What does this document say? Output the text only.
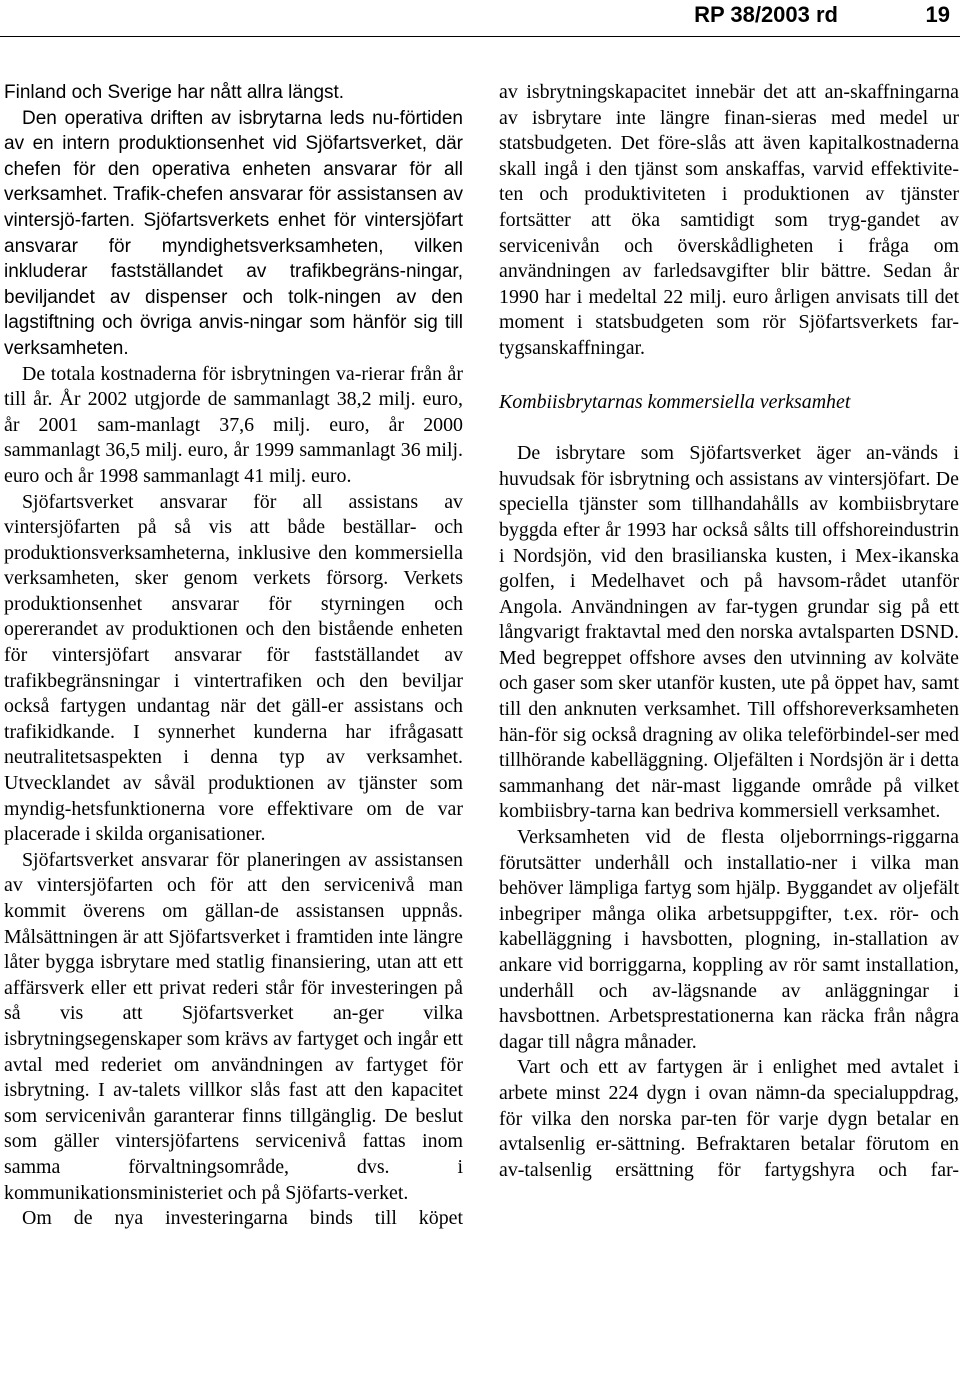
RP 38/2003 rd	19

Finland och Sverige har nått allra längst.

Den operativa driften av isbrytarna leds nu-förtiden av en intern produktionsenhet vid Sjöfartsverket, där chefen för den operativa enheten ansvarar för all verksamhet. Trafik-chefen ansvarar för assistansen av vintersjö-farten. Sjöfartsverkets enhet för vintersjöfart ansvarar för myndighetsverksamheten, vilken inkluderar fastställandet av trafikbegräns-ningar, beviljandet av dispenser och tolk-ningen av den lagstiftning och övriga anvis-ningar som hänför sig till verksamheten.

De totala kostnaderna för isbrytningen va-rierar från år till år. År 2002 utgjorde de sammanlagt 38,2 milj. euro, år 2001 sam-manlagt 37,6 milj. euro, år 2000 sammanlagt 36,5 milj. euro, år 1999 sammanlagt 36 milj. euro och år 1998 sammanlagt 41 milj. euro.

Sjöfartsverket ansvarar för all assistans av vintersjöfarten på så vis att både beställar- och produktionsverksamheterna, inklusive den kommersiella verksamheten, sker genom verkets försorg. Verkets produktionsenhet ansvarar för styrningen och opererandet av produktionen och den bistående enheten för vintersjöfart ansvarar för fastställandet av trafikbegränsningar i vintertrafiken och den beviljar också fartygen undantag när det gäll-er assistans och trafikidkande. I synnerhet kunderna har ifrågasatt neutralitetsaspekten i denna typ av verksamhet. Utvecklandet av såväl produktionen av tjänster som myndig-hetsfunktionerna vore effektivare om de var placerade i skilda organisationer.

Sjöfartsverket ansvarar för planeringen av assistansen av vintersjöfarten och för att den servicenivå man kommit överens om gällan-de assistansen uppnås. Målsättningen är att Sjöfartsverket i framtiden inte längre låter bygga isbrytare med statlig finansiering, utan att ett affärsverk eller ett privat rederi står för investeringen på så vis att Sjöfartsverket an-ger vilka isbrytningsegenskaper som krävs av fartyget och ingår ett avtal med rederiet om användningen av fartyget för isbrytning. I av-talets villkor slås fast att den kapacitet som servicenivån garanterar finns tillgänglig. De beslut som gäller vintersjöfartens servicenivå fattas inom samma förvaltningsområde, dvs. i kommunikationsministeriet och på Sjöfarts-verket.

Om de nya investeringarna binds till köpet

av isbrytningskapacitet innebär det att an-skaffningarna av isbrytare inte längre finan-sieras med medel ur statsbudgeten. Det före-slås att även kapitalkostnaderna skall ingå i den tjänst som anskaffas, varvid effektivite-ten och produktiviteten i produktionen av tjänster fortsätter att öka samtidigt som tryg-gandet av servicenivån och överskådligheten i fråga om användningen av farledsavgifter blir bättre. Sedan år 1990 har i medeltal 22 milj. euro årligen anvisats till det moment i statsbudgeten som rör Sjöfartsverkets far-tygsanskaffningar.

Kombiisbrytarnas kommersiella verksamhet

De isbrytare som Sjöfartsverket äger an-vänds i huvudsak för isbrytning och assistans av vintersjöfart. De speciella tjänster som tillhandahålls av kombiisbrytare byggda efter år 1993 har också sålts till offshoreindustrin i Nordsjön, vid den brasilianska kusten, i Mex-ikanska golfen, i Medelhavet och på havsom-rådet utanför Angola. Användningen av far-tygen grundar sig på ett långvarigt fraktavtal med den norska avtalsparten DSND. Med begreppet offshore avses den utvinning av kolväte och gaser som sker utanför kusten, ute på öppet hav, samt till den anknuten verksamhet. Till offshoreverksamheten hän-för sig också dragning av olika teleförbindel-ser med tillhörande kabelläggning. Oljefälten i Nordsjön är i detta sammanhang det när-mast liggande område på vilket kombiisbry-tarna kan bedriva kommersiell verksamhet.

Verksamheten vid de flesta oljeborrnings-riggarna förutsätter underhåll och installatio-ner i vilka man behöver lämpliga fartyg som hjälp. Byggandet av oljefält inbegriper många olika arbetsuppgifter, t.ex. rör- och kabelläggning i havsbotten, plogning, in-stallation av ankare vid borriggarna, koppling av rör samt installation, underhåll och av-lägsnande av anläggningar i havsbottnen. Arbetsprestationerna kan räcka från några dagar till några månader.

Vart och ett av fartygen är i enlighet med avtalet i arbete minst 224 dygn i ovan nämn-da specialuppdrag, för vilka den norska par-ten för varje dygn betalar en avtalsenlig er-sättning. Befraktaren betalar förutom en av-talsenlig ersättning för fartygshyra och far-
